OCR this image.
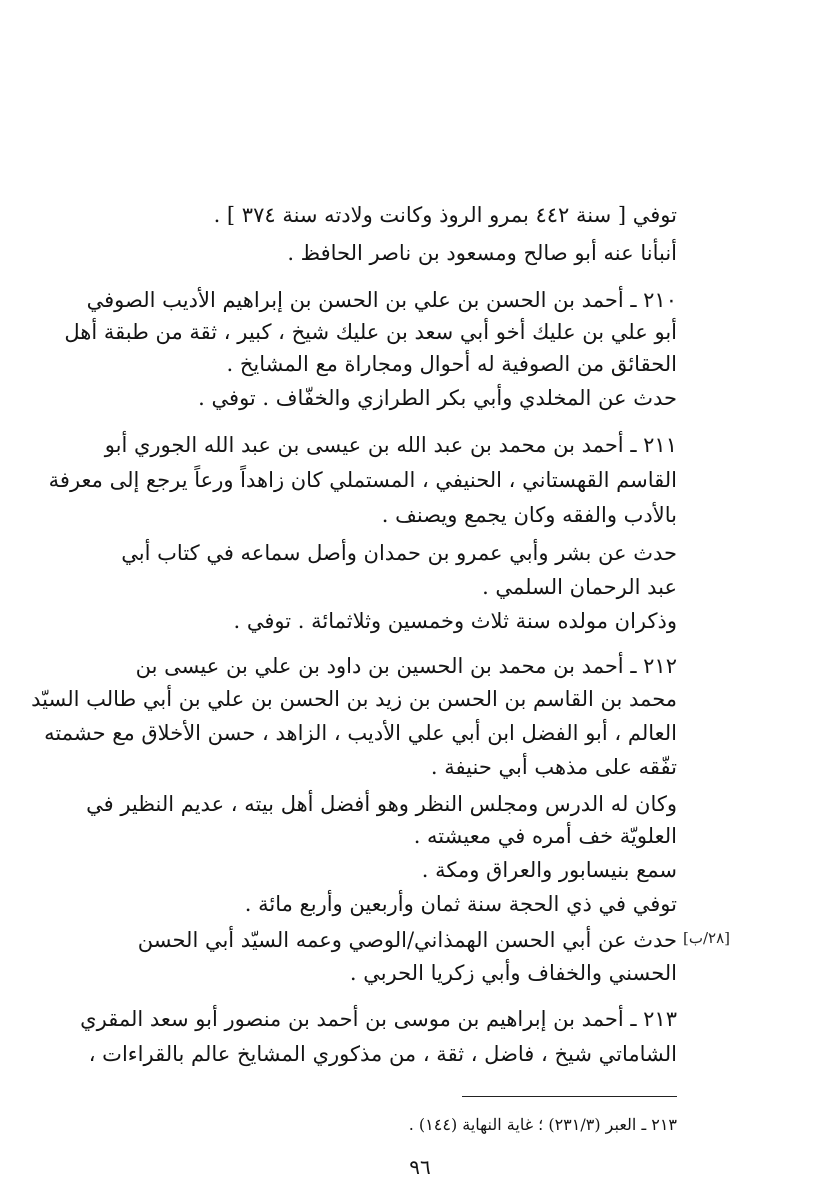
توفي [ سنة ٤٤٢ بمرو الروذ وكانت ولادته سنة ٣٧٤ ] .
أنبأنا عنه أبو صالح ومسعود بن ناصر الحافظ .
٢١٠ ـ أحمد بن الحسن بن علي بن الحسن بن إبراهيم الأديب الصوفي
أبو علي بن عليك أخو أبي سعد بن عليك شيخ ، كبير ، ثقة من طبقة أهل
الحقائق من الصوفية له أحوال ومجاراة مع المشايخ .
حدث عن المخلدي وأبي بكر الطرازي والخفّاف . توفي .
٢١١ ـ أحمد بن محمد بن عبد الله بن عيسى بن عبد الله الجوري أبو
القاسم القهستاني ، الحنيفي ، المستملي كان زاهداً ورعاً يرجع إلى معرفة
بالأدب والفقه وكان يجمع ويصنف .
حدث عن بشر وأبي عمرو بن حمدان وأصل سماعه في كتاب أبي
عبد الرحمان السلمي .
وذكران مولده سنة ثلاث وخمسين وثلاثمائة . توفي .
٢١٢ ـ أحمد بن محمد بن الحسين بن داود بن علي بن عيسى بن
محمد بن القاسم بن الحسن بن زيد بن الحسن بن علي بن أبي طالب السيّد
العالم ، أبو الفضل ابن أبي علي الأديب ، الزاهد ، حسن الأخلاق مع حشمته
تفّقه على مذهب أبي حنيفة .
وكان له الدرس ومجلس النظر وهو أفضل أهل بيته ، عديم النظير في
العلويّة خف أمره في معيشته .
سمع بنيسابور والعراق ومكة .
توفي في ذي الحجة سنة ثمان وأربعين وأربع مائة .
حدث عن أبي الحسن الهمذاني/الوصي وعمه السيّد أبي الحسن
الحسني والخفاف وأبي زكريا الحربي .
٢١٣ ـ أحمد بن إبراهيم بن موسى بن أحمد بن منصور أبو سعد المقري
الشاماتي شيخ ، فاضل ، ثقة ، من مذكوري المشايخ عالم بالقراءات ،
[٢٨/ب]
٢١٣ ـ العبر (٢٣١/٣) ؛ غاية النهاية (١٤٤) .
٩٦
